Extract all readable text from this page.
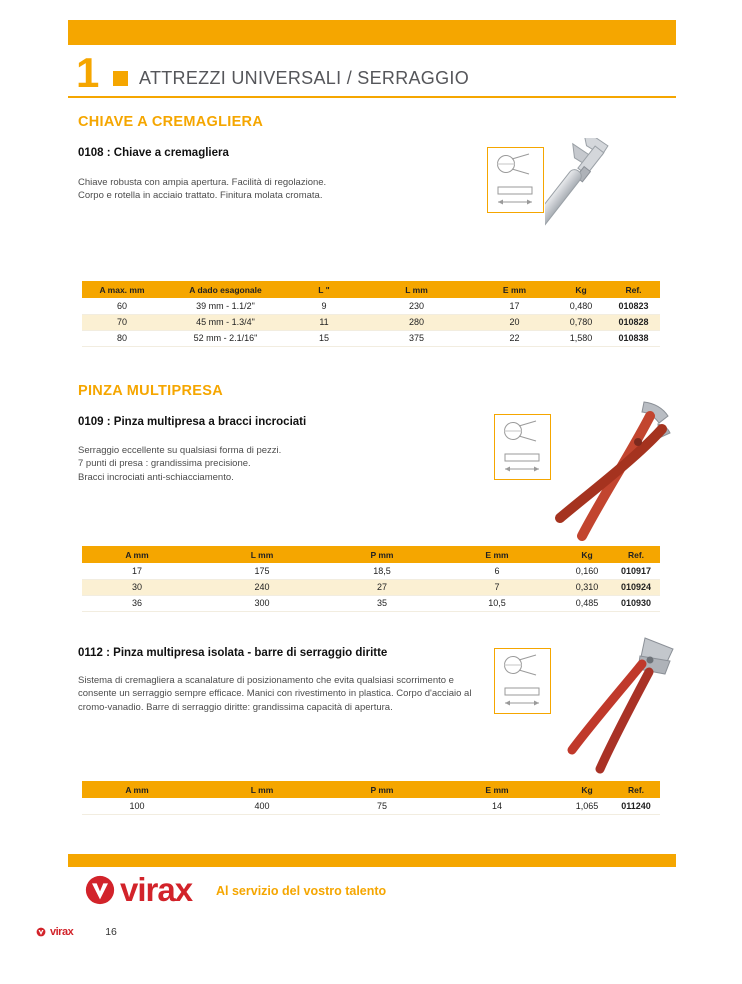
1 ATTREZZI UNIVERSALI / SERRAGGIO
CHIAVE A CREMAGLIERA
0108 : Chiave a cremagliera
Chiave robusta con ampia apertura. Facilità di regolazione.
Corpo e rotella in acciaio trattato. Finitura molata cromata.
A max. mm	A dado esagonale	L "	L mm	E mm	Kg	Ref.
60	39 mm - 1.1/2"	9	230	17	0,480	010823
70	45 mm - 1.3/4"	11	280	20	0,780	010828
80	52 mm - 2.1/16"	15	375	22	1,580	010838
PINZA MULTIPRESA
0109 : Pinza multipresa a bracci incrociati
Serraggio eccellente su qualsiasi forma di pezzi.
7 punti di presa : grandissima precisione.
Bracci incrociati anti-schiacciamento.
A mm	L mm	P mm	E mm	Kg	Ref.
17	175	18,5	6	0,160	010917
30	240	27	7	0,310	010924
36	300	35	10,5	0,485	010930
0112 : Pinza multipresa isolata - barre di serraggio diritte
Sistema di cremagliera a scanalature di posizionamento che evita qualsiasi scorrimento e
consente un serraggio sempre efficace. Manici con rivestimento in plastica. Corpo d'acciaio al
cromo-vanadio. Barre di serraggio diritte: grandissima capacità di apertura.
A mm	L mm	P mm	E mm	Kg	Ref.
100	400	75	14	1,065	011240
virax Al servizio del vostro talento
virax	16
